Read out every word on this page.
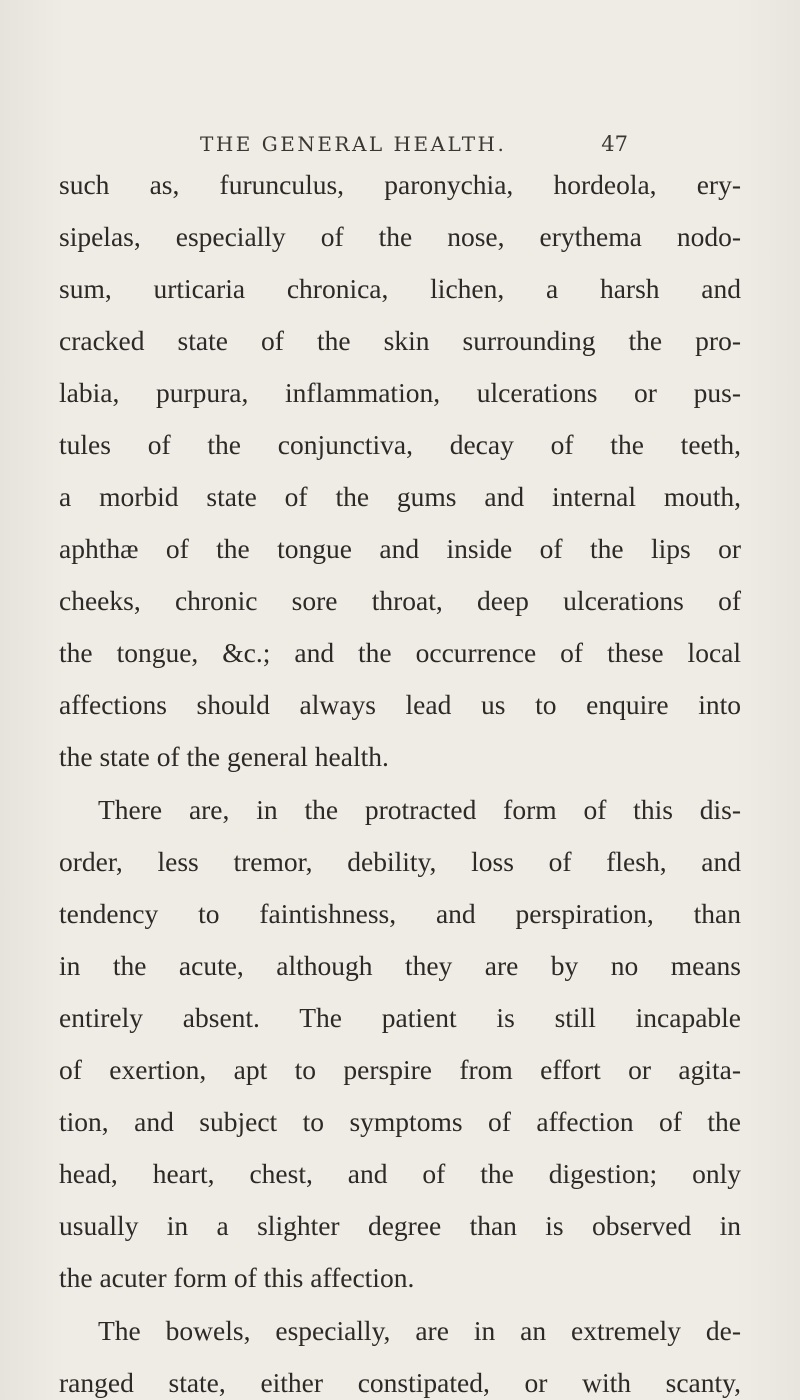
THE GENERAL HEALTH.	47
such as, furunculus, paronychia, hordeola, ery-
sipelas, especially of the nose, erythema nodo-
sum, urticaria chronica, lichen, a harsh and
cracked state of the skin surrounding the pro-
labia, purpura, inflammation, ulcerations or pus-
tules of the conjunctiva, decay of the teeth,
a morbid state of the gums and internal mouth,
aphthæ of the tongue and inside of the lips or
cheeks, chronic sore throat, deep ulcerations of
the tongue, &c.; and the occurrence of these local
affections should always lead us to enquire into
the state of the general health.
There are, in the protracted form of this dis-
order, less tremor, debility, loss of flesh, and
tendency to faintishness, and perspiration, than
in the acute, although they are by no means
entirely absent. The patient is still incapable
of exertion, apt to perspire from effort or agita-
tion, and subject to symptoms of affection of the
head, heart, chest, and of the digestion; only
usually in a slighter degree than is observed in
the acuter form of this affection.
The bowels, especially, are in an extremely de-
ranged state, either constipated, or with scanty,
